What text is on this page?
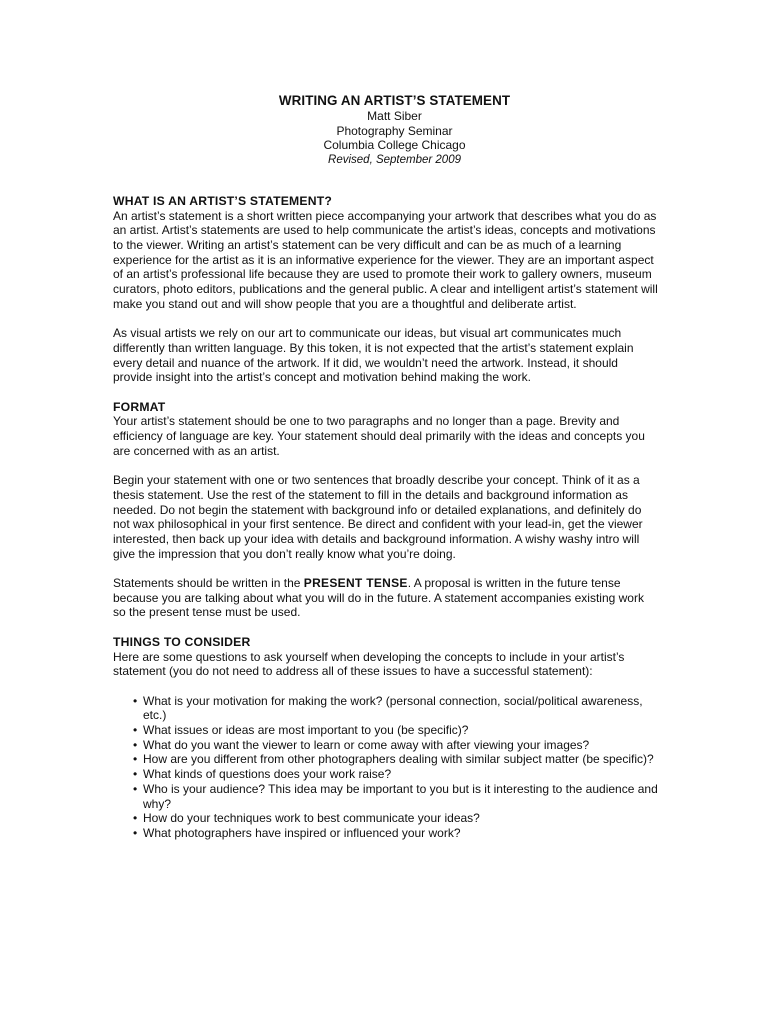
WRITING AN ARTIST’S STATEMENT

Matt Siber

Photography Seminar

Columbia College Chicago

Revised, September 2009

WHAT IS AN ARTIST’S STATEMENT?

An artist’s statement is a short written piece accompanying your artwork that describes what you do as an artist. Artist’s statements are used to help communicate the artist’s ideas, concepts and motivations to the viewer. Writing an artist’s statement can be very difficult and can be as much of a learning experience for the artist as it is an informative experience for the viewer. They are an important aspect of an artist’s professional life because they are used to promote their work to gallery owners, museum curators, photo editors, publications and the general public. A clear and intelligent artist’s statement will make you stand out and will show people that you are a thoughtful and deliberate artist.

As visual artists we rely on our art to communicate our ideas, but visual art communicates much differently than written language. By this token, it is not expected that the artist’s statement explain every detail and nuance of the artwork. If it did, we wouldn’t need the artwork. Instead, it should provide insight into the artist’s concept and motivation behind making the work.

FORMAT

Your artist’s statement should be one to two paragraphs and no longer than a page. Brevity and efficiency of language are key. Your statement should deal primarily with the ideas and concepts you are concerned with as an artist.

Begin your statement with one or two sentences that broadly describe your concept. Think of it as a thesis statement. Use the rest of the statement to fill in the details and background information as needed. Do not begin the statement with background info or detailed explanations, and definitely do not wax philosophical in your first sentence. Be direct and confident with your lead-in, get the viewer interested, then back up your idea with details and background information. A wishy washy intro will give the impression that you don’t really know what you’re doing.

Statements should be written in the PRESENT TENSE. A proposal is written in the future tense because you are talking about what you will do in the future. A statement accompanies existing work so the present tense must be used.

THINGS TO CONSIDER

Here are some questions to ask yourself when developing the concepts to include in your artist’s statement (you do not need to address all of these issues to have a successful statement):

• What is your motivation for making the work? (personal connection, social/political awareness, etc.)
• What issues or ideas are most important to you (be specific)?
• What do you want the viewer to learn or come away with after viewing your images?
• How are you different from other photographers dealing with similar subject matter (be specific)?
• What kinds of questions does your work raise?
• Who is your audience? This idea may be important to you but is it interesting to the audience and why?
• How do your techniques work to best communicate your ideas?
• What photographers have inspired or influenced your work?
